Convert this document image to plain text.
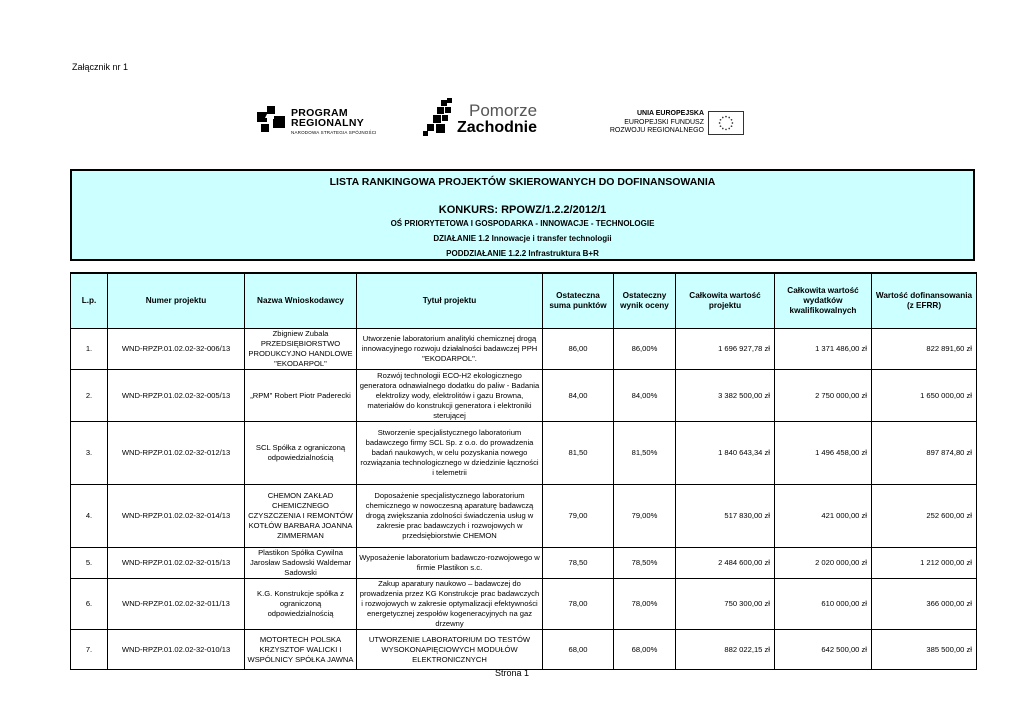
Załącznik nr 1
PROGRAM
REGIONALNY
NARODOWA STRATEGIA SPÓJNOŚCI
Pomorze
Zachodnie
UNIA EUROPEJSKA
EUROPEJSKI FUNDUSZ
ROZWOJU REGIONALNEGO
LISTA RANKINGOWA PROJEKTÓW SKIEROWANYCH DO DOFINANSOWANIA
KONKURS: RPOWZ/1.2.2/2012/1
OŚ PRIORYTETOWA I GOSPODARKA - INNOWACJE - TECHNOLOGIE
DZIAŁANIE 1.2 Innowacje i transfer technologii
PODDZIAŁANIE 1.2.2 Infrastruktura B+R
L.p.	Numer projektu	Nazwa Wnioskodawcy	Tytuł projektu	Ostateczna suma punktów	Ostateczny wynik oceny	Całkowita wartość projektu	Całkowita wartość wydatków kwalifikowalnych	Wartość dofinansowania (z EFRR)
1.	WND-RPZP.01.02.02-32-006/13	Zbigniew Zubala PRZEDSIĘBIORSTWO PRODUKCYJNO HANDLOWE "EKODARPOL"	Utworzenie laboratorium analityki chemicznej drogą innowacyjnego rozwoju działalności badawczej PPH "EKODARPOL".	86,00	86,00%	1 696 927,78 zł	1 371 486,00 zł	822 891,60 zł
2.	WND-RPZP.01.02.02-32-005/13	„RPM" Robert Piotr Paderecki	Rozwój technologii ECO-H2 ekologicznego generatora odnawialnego dodatku do paliw - Badania elektrolizy wody, elektrolitów i gazu Browna, materiałów do konstrukcji generatora i elektroniki sterującej	84,00	84,00%	3 382 500,00 zł	2 750 000,00 zł	1 650 000,00 zł
3.	WND-RPZP.01.02.02-32-012/13	SCL Spółka z ograniczoną odpowiedzialnością	Stworzenie specjalistycznego laboratorium badawczego firmy SCL Sp. z o.o. do prowadzenia badań naukowych, w celu pozyskania nowego rozwiązania technologicznego w dziedzinie łączności i telemetrii	81,50	81,50%	1 840 643,34 zł	1 496 458,00 zł	897 874,80 zł
4.	WND-RPZP.01.02.02-32-014/13	CHEMON ZAKŁAD CHEMICZNEGO CZYSZCZENIA I REMONTÓW KOTŁÓW BARBARA JOANNA ZIMMERMAN	Doposażenie specjalistycznego laboratorium chemicznego w nowoczesną aparaturę badawczą drogą zwiększania zdolności świadczenia usług w zakresie prac badawczych i rozwojowych w przedsiębiorstwie CHEMON	79,00	79,00%	517 830,00 zł	421 000,00 zł	252 600,00 zł
5.	WND-RPZP.01.02.02-32-015/13	Plastikon Spółka Cywilna Jarosław Sadowski Waldemar Sadowski	Wyposażenie laboratorium badawczo-rozwojowego w firmie Plastikon s.c.	78,50	78,50%	2 484 600,00 zł	2 020 000,00 zł	1 212 000,00 zł
6.	WND-RPZP.01.02.02-32-011/13	K.G. Konstrukcje spółka z ograniczoną odpowiedzialnością	Zakup aparatury naukowo – badawczej do prowadzenia przez KG Konstrukcje prac badawczych i rozwojowych w zakresie optymalizacji efektywności energetycznej zespołów kogeneracyjnych na gaz drzewny	78,00	78,00%	750 300,00 zł	610 000,00 zł	366 000,00 zł
7.	WND-RPZP.01.02.02-32-010/13	MOTORTECH POLSKA KRZYSZTOF WALICKI I WSPÓLNICY SPÓŁKA JAWNA	UTWORZENIE LABORATORIUM DO TESTÓW WYSOKONAPIĘCIOWYCH MODUŁÓW ELEKTRONICZNYCH	68,00	68,00%	882 022,15 zł	642 500,00 zł	385 500,00 zł
Strona 1
